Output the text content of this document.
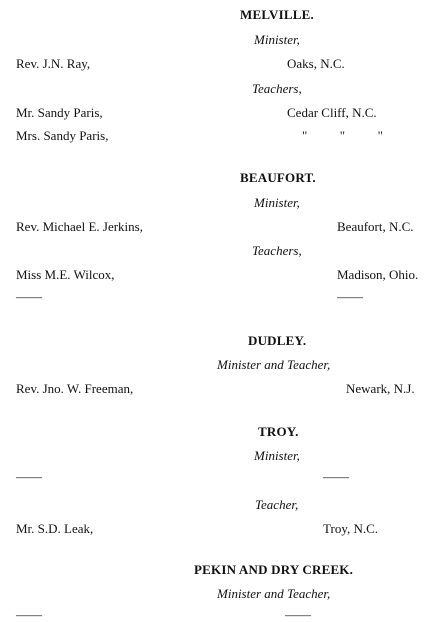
MELVILLE.
Minister,
Rev. J.N. Ray,	Oaks, N.C.
Teachers,
Mr. Sandy Paris,	Cedar Cliff, N.C.
Mrs. Sandy Paris,	"          "          "
BEAUFORT.
Minister,
Rev. Michael E. Jerkins,	Beaufort, N.C.
Teachers,
Miss M.E. Wilcox,	Madison, Ohio.
——	——
DUDLEY.
Minister and Teacher,
Rev. Jno. W. Freeman,	Newark, N.J.
TROY.
Minister,
——	——
Teacher,
Mr. S.D. Leak,	Troy, N.C.
PEKIN AND DRY CREEK.
Minister and Teacher,
——	——
